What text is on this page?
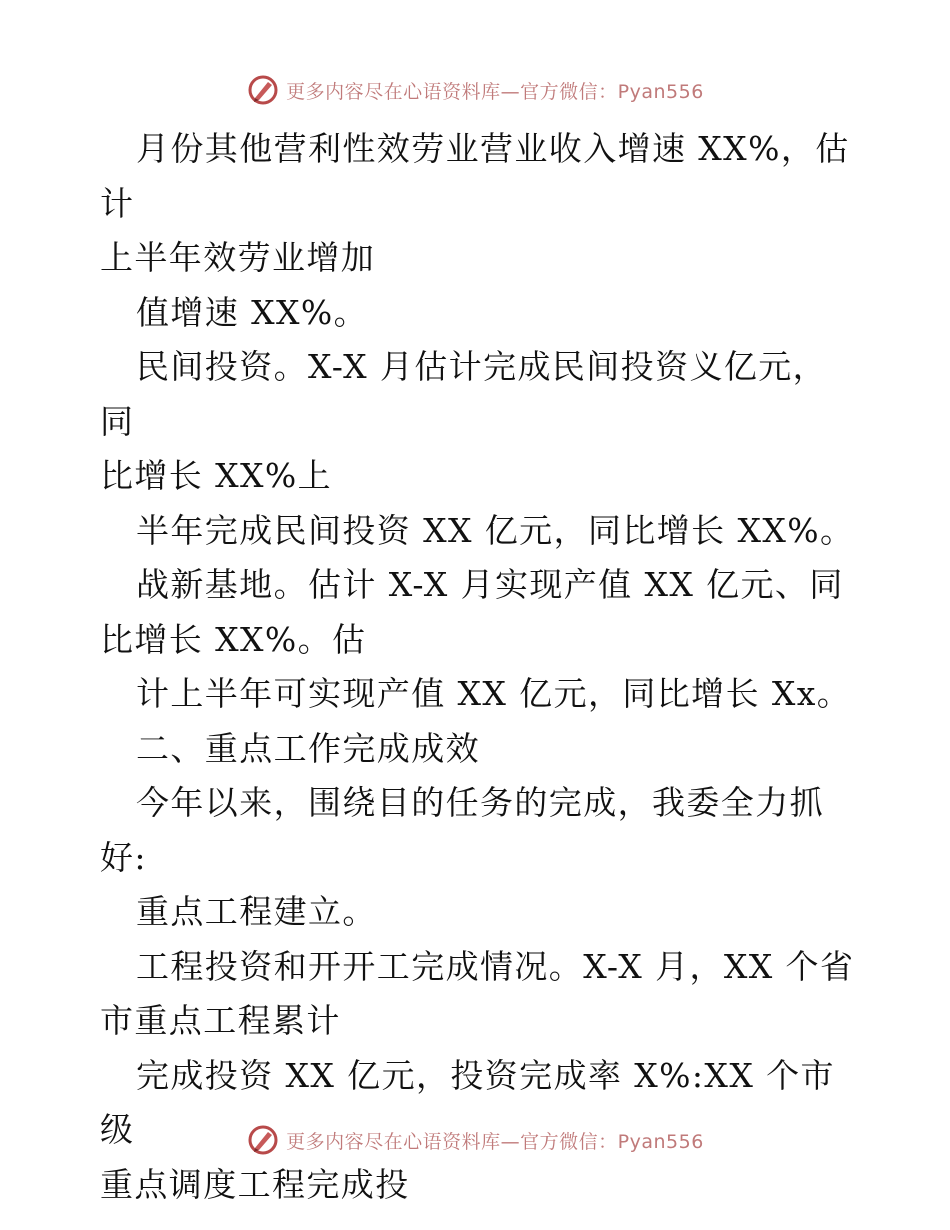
更多内容尽在心语资料库—官方微信：Pyan556

月份其他营利性效劳业营业收入增速 XX%，估计

上半年效劳业增加

值增速 XX%。

民间投资。X-X 月估计完成民间投资义亿元，同

比增长 XX%上

半年完成民间投资 XX 亿元，同比增长 XX%。

战新基地。估计 X-X 月实现产值 XX 亿元、同

比增长 XX%。估

计上半年可实现产值 XX 亿元，同比增长 Xx。

二、重点工作完成成效

今年以来，围绕目的任务的完成，我委全力抓

好:

重点工程建立。

工程投资和开开工完成情况。X-X 月，XX 个省

市重点工程累计

完成投资 XX 亿元，投资完成率 X%:XX 个市级

重点调度工程完成投

更多内容尽在心语资料库—官方微信：Pyan556
